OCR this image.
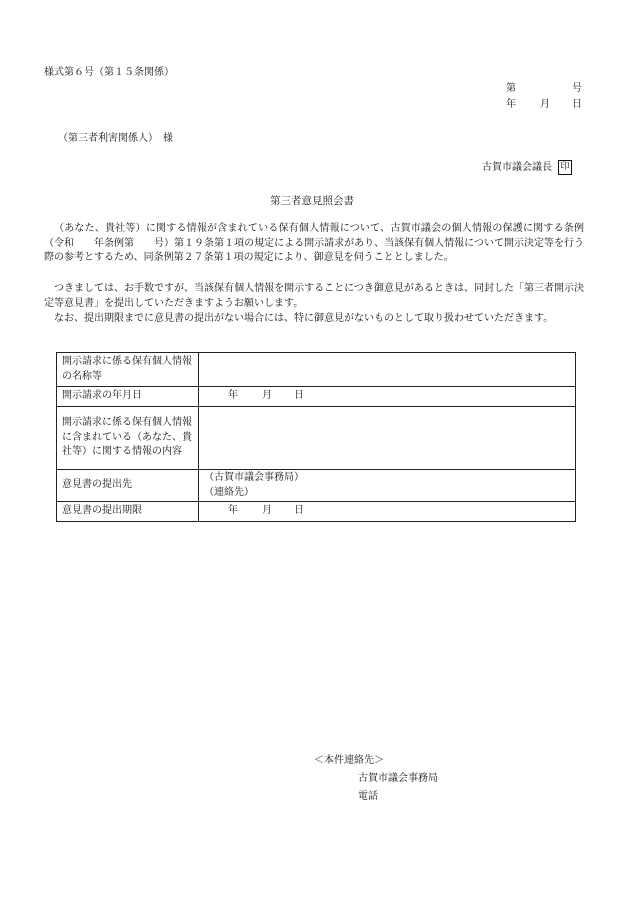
様式第６号（第１５条関係）
第	号
年 月 日
（第三者利害関係人）　様
古賀市議会議長 印
第三者意見照会書

（あなた、貴社等）に関する情報が含まれている保有個人情報について、古賀市議会の個人情報の保護に関する条例（令和　　年条例第　　号）第１９条第１項の規定による開示請求があり、当該保有個人情報について開示決定等を行う際の参考とするため、同条例第２７条第１項の規定により、御意見を伺うこととしました。

つきましては、お手数ですが、当該保有個人情報を開示することにつき御意見があるときは、同封した「第三者開示決定等意見書」を提出していただきますようお願いします。

なお、提出期限までに意見書の提出がない場合には、特に御意見がないものとして取り扱わせていただきます。

開示請求に係る保有個人情報の名称等	
開示請求の年月日	年 月 日
開示請求に係る保有個人情報に含まれている（あなた、貴社等）に関する情報の内容	
意見書の提出先	（古賀市議会事務局）
（連絡先）

意見書の提出期限	年 月 日
＜本件連絡先＞
古賀市議会事務局
電話
